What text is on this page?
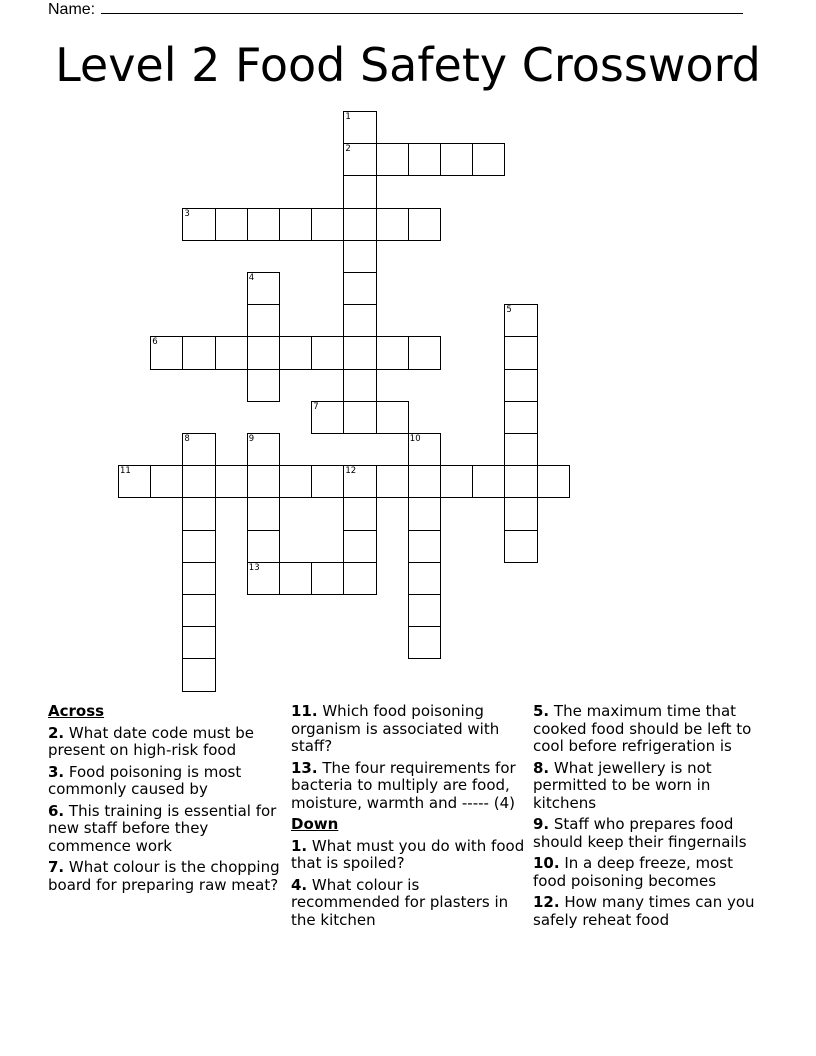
Name:
Level 2 Food Safety Crossword
1
2
3
4
5
6
7
8	9	10
11	12
13
Across
2. What date code must be present on high-risk food
3. Food poisoning is most commonly caused by
6. This training is essential for new staff before they commence work
7. What colour is the chopping board for preparing raw meat?
11. Which food poisoning organism is associated with staff?
13. The four requirements for bacteria to multiply are food, moisture, warmth and ----- (4)
Down
1. What must you do with food that is spoiled?
4. What colour is recommended for plasters in the kitchen
5. The maximum time that cooked food should be left to cool before refrigeration is
8. What jewellery is not permitted to be worn in kitchens
9. Staff who prepares food should keep their fingernails
10. In a deep freeze, most food poisoning becomes
12. How many times can you safely reheat food
